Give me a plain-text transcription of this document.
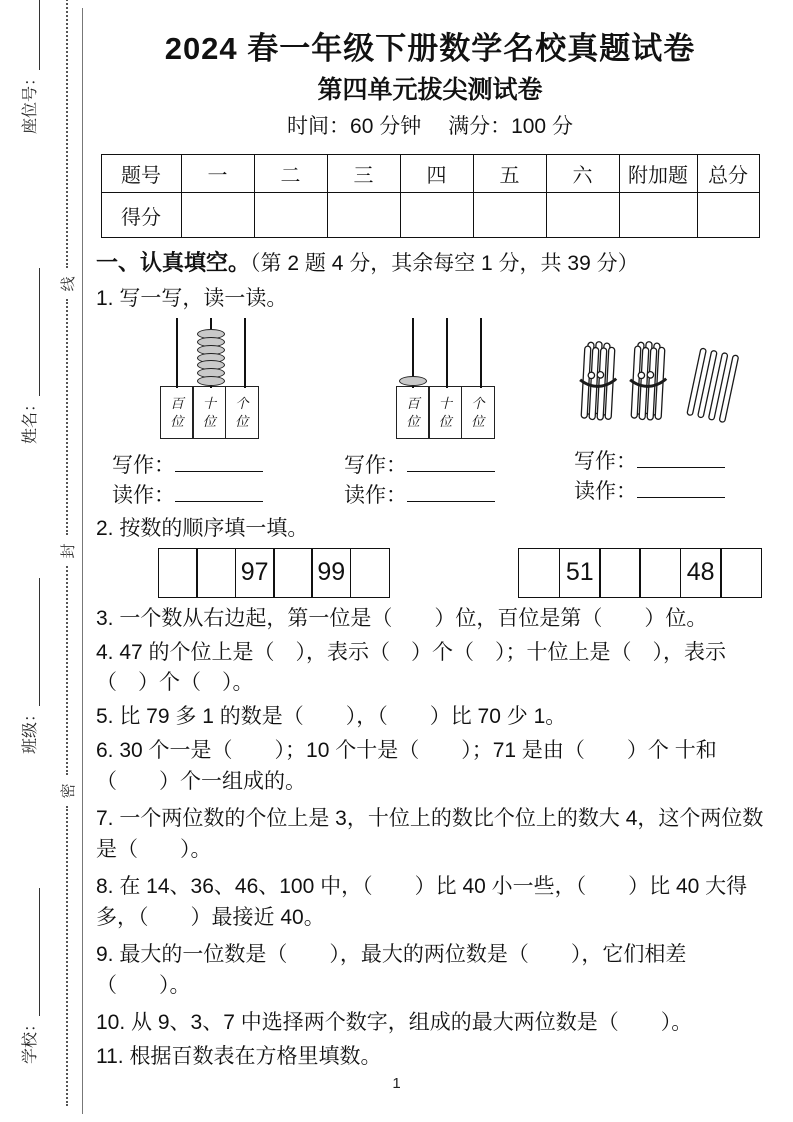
学校：
班级：
姓名：
座位号：
密
封
线
2024 春一年级下册数学名校真题试卷
第四单元拔尖测试卷
时间：60 分钟　 满分：100 分
题号	一	二	三	四	五	六	附加题	总分
得分								
一、认真填空。（第 2 题 4 分，其余每空 1 分，共 39 分）
1. 写一写，读一读。
百
位
十
位
个
位
写作：
读作：
百
位
十
位
个
位
写作：
读作：
写作：
读作：
2. 按数的顺序填一填。
97 99	51	48
3. 一个数从右边起，第一位是（　　）位，百位是第（　　）位。
4. 47 的个位上是（　），表示（　）个（　）；十位上是（　），表示（　）个（　）。
5. 比 79 多 1 的数是（　　），（　　）比 70 少 1。
6. 30 个一是（　　）；10 个十是（　　）；71 是由（　　）个 十和（　　）个一组成的。
7. 一个两位数的个位上是 3，十位上的数比个位上的数大 4，这个两位数是（　　）。
8. 在 14、36、46、100 中，（　　）比 40 小一些，（　　）比 40 大得多，（　　）最接近 40。
9. 最大的一位数是（　　），最大的两位数是（　　），它们相差（　　）。
10. 从 9、3、7 中选择两个数字，组成的最大两位数是（　　）。
11. 根据百数表在方格里填数。
1
